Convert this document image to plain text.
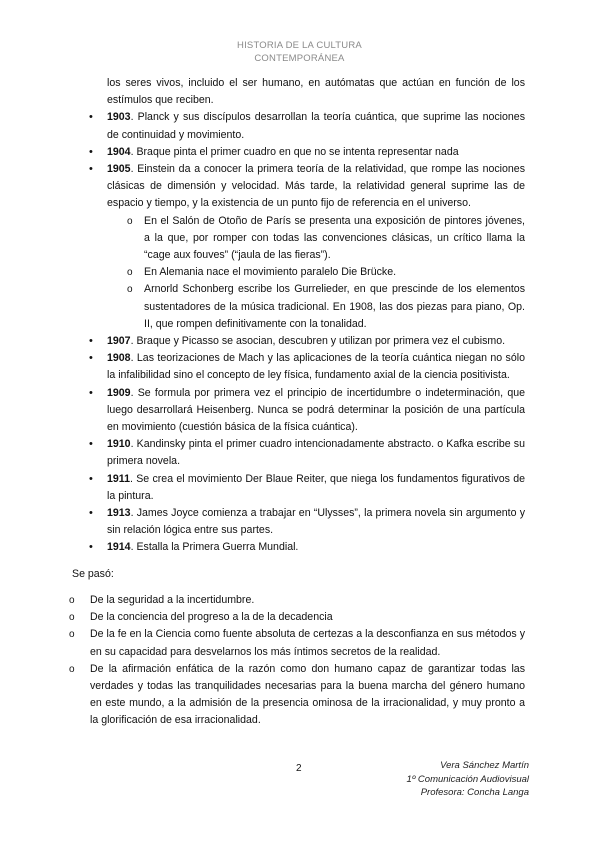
HISTORIA DE LA CULTURA
CONTEMPORÁNEA

los seres vivos, incluido el ser humano, en autómatas que actúan en función de los estímulos que reciben.

• 1903. Planck y sus discípulos desarrollan la teoría cuántica, que suprime las nociones de continuidad y movimiento.

• 1904. Braque pinta el primer cuadro en que no se intenta representar nada

• 1905. Einstein da a conocer la primera teoría de la relatividad, que rompe las nociones clásicas de dimensión y velocidad. Más tarde, la relatividad general suprime las de espacio y tiempo, y la existencia de un punto fijo de referencia en el universo.

o En el Salón de Otoño de París se presenta una exposición de pintores jóvenes, a la que, por romper con todas las convenciones clásicas, un crítico llama la “cage aux fouves” (“jaula de las fieras”).

o En Alemania nace el movimiento paralelo Die Brücke.

o Arnorld Schonberg escribe los Gurrelieder, en que prescinde de los elementos sustentadores de la música tradicional. En 1908, las dos piezas para piano, Op. II, que rompen definitivamente con la tonalidad.

• 1907. Braque y Picasso se asocian, descubren y utilizan por primera vez el cubismo.

• 1908. Las teorizaciones de Mach y las aplicaciones de la teoría cuántica niegan no sólo la infalibilidad sino el concepto de ley física, fundamento axial de la ciencia positivista.

• 1909. Se formula por primera vez el principio de incertidumbre o indeterminación, que luego desarrollará Heisenberg. Nunca se podrá determinar la posición de una partícula en movimiento (cuestión básica de la física cuántica).

• 1910. Kandinsky pinta el primer cuadro intencionadamente abstracto. o Kafka escribe su primera novela.

• 1911. Se crea el movimiento Der Blaue Reiter, que niega los fundamentos figurativos de la pintura.

• 1913. James Joyce comienza a trabajar en “Ulysses”, la primera novela sin argumento y sin relación lógica entre sus partes.

• 1914. Estalla la Primera Guerra Mundial.

Se pasó:

o De la seguridad a la incertidumbre.

o De la conciencia del progreso a la de la decadencia

o De la fe en la Ciencia como fuente absoluta de certezas a la desconfianza en sus métodos y en su capacidad para desvelarnos los más íntimos secretos de la realidad.

o De la afirmación enfática de la razón como don humano capaz de garantizar todas las verdades y todas las tranquilidades necesarias para la buena marcha del género humano en este mundo, a la admisión de la presencia ominosa de la irracionalidad, y muy pronto a la glorificación de esa irracionalidad.

2	Vera Sánchez Martín
1º Comunicación Audiovisual
Profesora: Concha Langa
